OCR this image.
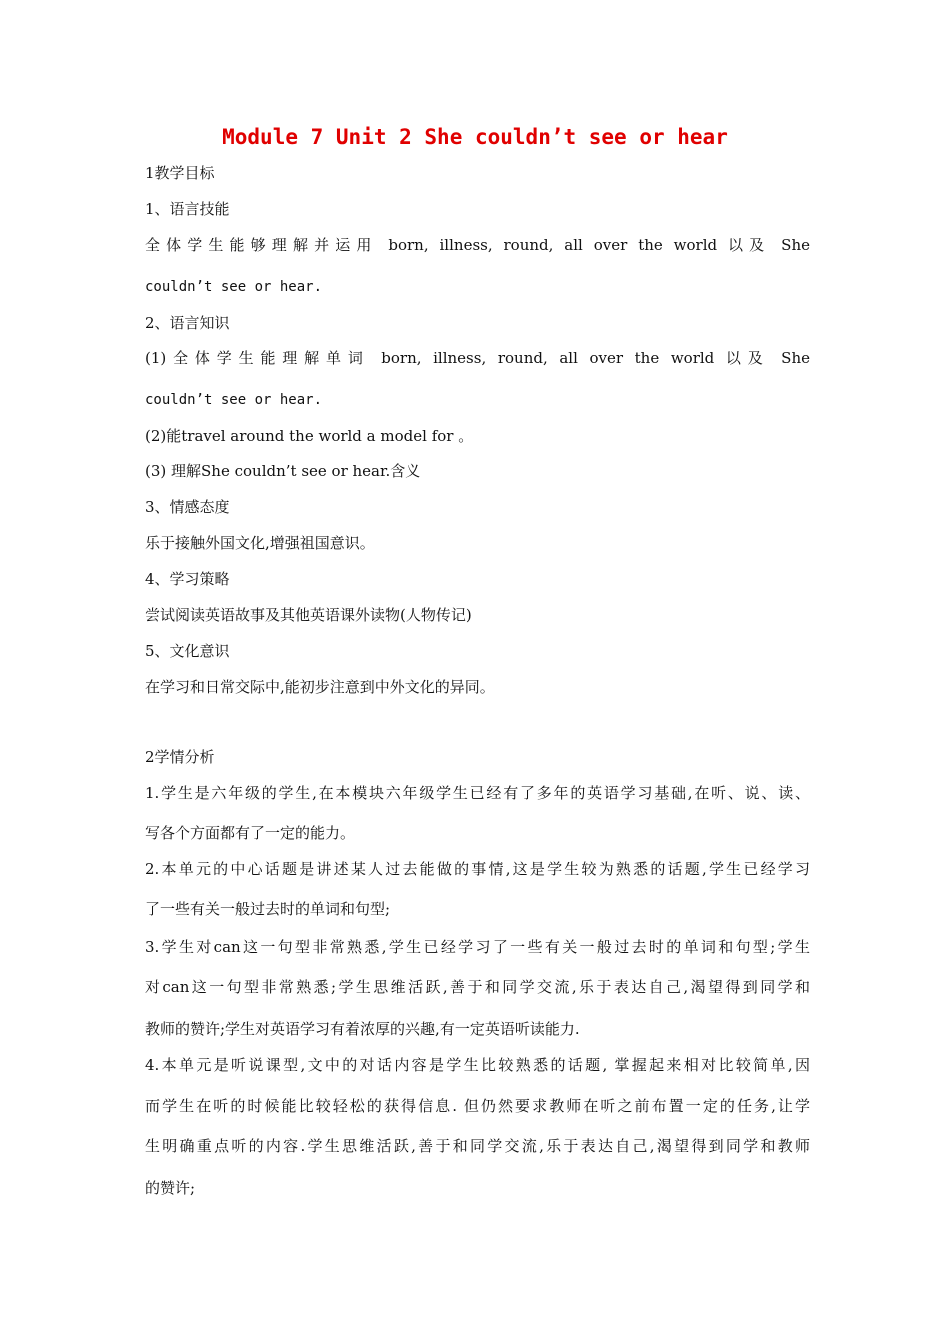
Module 7 Unit 2 She couldn’t see or hear
1教学目标
1、语言技能
全体学生能够理解并运用 born, illness, round, all over the world 以及 She
couldn’t see or hear.
2、语言知识
(1)全体学生能理解单词 born, illness, round, all over the world 以及 She
couldn’t see or hear.
(2)能travel around the world a model for 。
(3) 理解She couldn’t see or hear.含义
3、情感态度
乐于接触外国文化,增强祖国意识。
4、学习策略
尝试阅读英语故事及其他英语课外读物(人物传记)
5、文化意识
在学习和日常交际中,能初步注意到中外文化的异同。
2学情分析
1.学生是六年级的学生,在本模块六年级学生已经有了多年的英语学习基础,在听、说、读、
写各个方面都有了一定的能力。
2.本单元的中心话题是讲述某人过去能做的事情,这是学生较为熟悉的话题,学生已经学习
了一些有关一般过去时的单词和句型;
3.学生对can这一句型非常熟悉,学生已经学习了一些有关一般过去时的单词和句型;学生
对can这一句型非常熟悉;学生思维活跃,善于和同学交流,乐于表达自己,渴望得到同学和
教师的赞许;学生对英语学习有着浓厚的兴趣,有一定英语听读能力.
4.本单元是听说课型,文中的对话内容是学生比较熟悉的话题, 掌握起来相对比较简单,因
而学生在听的时候能比较轻松的获得信息. 但仍然要求教师在听之前布置一定的任务,让学
生明确重点听的内容.学生思维活跃,善于和同学交流,乐于表达自己,渴望得到同学和教师
的赞许;
